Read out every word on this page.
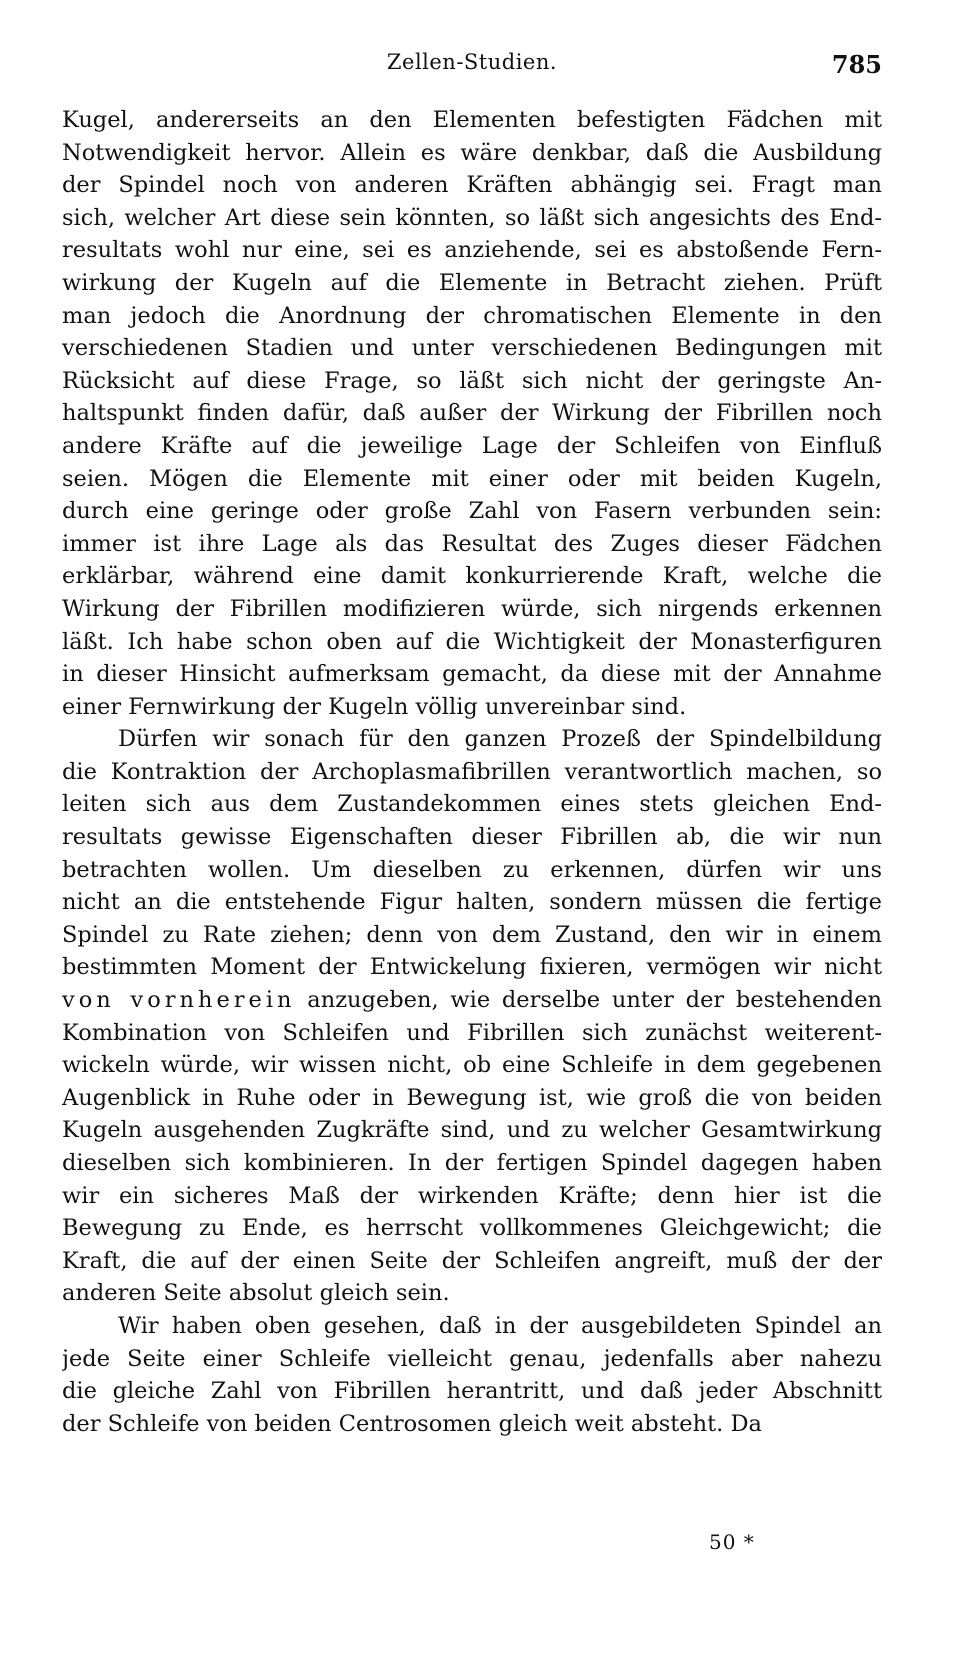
Zellen-Studien.	785
Kugel, andererseits an den Elementen befestigten Fädchen mit
Notwendigkeit hervor. Allein es wäre denkbar, daß die Ausbildung
der Spindel noch von anderen Kräften abhängig sei. Fragt man
sich, welcher Art diese sein könnten, so läßt sich angesichts des End-
resultats wohl nur eine, sei es anziehende, sei es abstoßende Fern-
wirkung der Kugeln auf die Elemente in Betracht ziehen. Prüft
man jedoch die Anordnung der chromatischen Elemente in den
verschiedenen Stadien und unter verschiedenen Bedingungen mit
Rücksicht auf diese Frage, so läßt sich nicht der geringste An-
haltspunkt finden dafür, daß außer der Wirkung der Fibrillen noch
andere Kräfte auf die jeweilige Lage der Schleifen von Einfluß
seien. Mögen die Elemente mit einer oder mit beiden Kugeln,
durch eine geringe oder große Zahl von Fasern verbunden sein:
immer ist ihre Lage als das Resultat des Zuges dieser Fädchen
erklärbar, während eine damit konkurrierende Kraft, welche die
Wirkung der Fibrillen modifizieren würde, sich nirgends erkennen
läßt. Ich habe schon oben auf die Wichtigkeit der Monasterfiguren
in dieser Hinsicht aufmerksam gemacht, da diese mit der Annahme
einer Fernwirkung der Kugeln völlig unvereinbar sind.
Dürfen wir sonach für den ganzen Prozeß der Spindelbildung
die Kontraktion der Archoplasmafibrillen verantwortlich machen, so
leiten sich aus dem Zustandekommen eines stets gleichen End-
resultats gewisse Eigenschaften dieser Fibrillen ab, die wir nun
betrachten wollen. Um dieselben zu erkennen, dürfen wir uns
nicht an die entstehende Figur halten, sondern müssen die fertige
Spindel zu Rate ziehen; denn von dem Zustand, den wir in einem
bestimmten Moment der Entwickelung fixieren, vermögen wir nicht
von vornherein anzugeben, wie derselbe unter der bestehenden
Kombination von Schleifen und Fibrillen sich zunächst weiterent-
wickeln würde, wir wissen nicht, ob eine Schleife in dem gegebenen
Augenblick in Ruhe oder in Bewegung ist, wie groß die von beiden
Kugeln ausgehenden Zugkräfte sind, und zu welcher Gesamtwirkung
dieselben sich kombinieren. In der fertigen Spindel dagegen haben
wir ein sicheres Maß der wirkenden Kräfte; denn hier ist die
Bewegung zu Ende, es herrscht vollkommenes Gleichgewicht; die
Kraft, die auf der einen Seite der Schleifen angreift, muß der der
anderen Seite absolut gleich sein.
Wir haben oben gesehen, daß in der ausgebildeten Spindel an
jede Seite einer Schleife vielleicht genau, jedenfalls aber nahezu
die gleiche Zahl von Fibrillen herantritt, und daß jeder Abschnitt
der Schleife von beiden Centrosomen gleich weit absteht. Da
50 *
